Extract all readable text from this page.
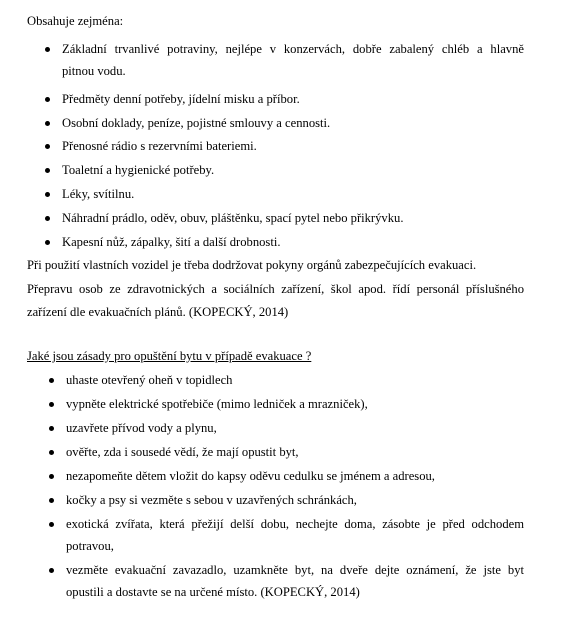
Obsahuje zejména:
Základní trvanlivé potraviny, nejlépe v konzervách, dobře zabalený chléb a hlavně
pitnou vodu.
Předměty denní potřeby, jídelní misku a příbor.
Osobní doklady, peníze, pojistné smlouvy a cennosti.
Přenosné rádio s rezervními bateriemi.
Toaletní a hygienické potřeby.
Léky, svítilnu.
Náhradní prádlo, oděv, obuv, pláštěnku, spací pytel nebo přikrývku.
Kapesní nůž, zápalky, šití a další drobnosti.
Při použití vlastních vozidel je třeba dodržovat pokyny orgánů zabezpečujících evakuaci.
Přepravu osob ze zdravotnických a sociálních zařízení, škol apod. řídí personál příslušného
zařízení dle evakuačních plánů. (KOPECKÝ, 2014)
Jaké jsou zásady pro opuštění bytu v případě evakuace ?
uhaste otevřený oheň v topidlech
vypněte elektrické spotřebiče (mimo ledniček a mrazniček),
uzavřete přívod vody a plynu,
ověřte, zda i sousedé vědí, že mají opustit byt,
nezapomeňte dětem vložit do kapsy oděvu cedulku se jménem a adresou,
kočky a psy si vezměte s sebou v uzavřených schránkách,
exotická zvířata, která přežijí delší dobu, nechejte doma, zásobte je před odchodem
potravou,
vezměte evakuační zavazadlo, uzamkněte byt, na dveře dejte oznámení, že jste byt
opustili a dostavte se na určené místo. (KOPECKÝ, 2014)
